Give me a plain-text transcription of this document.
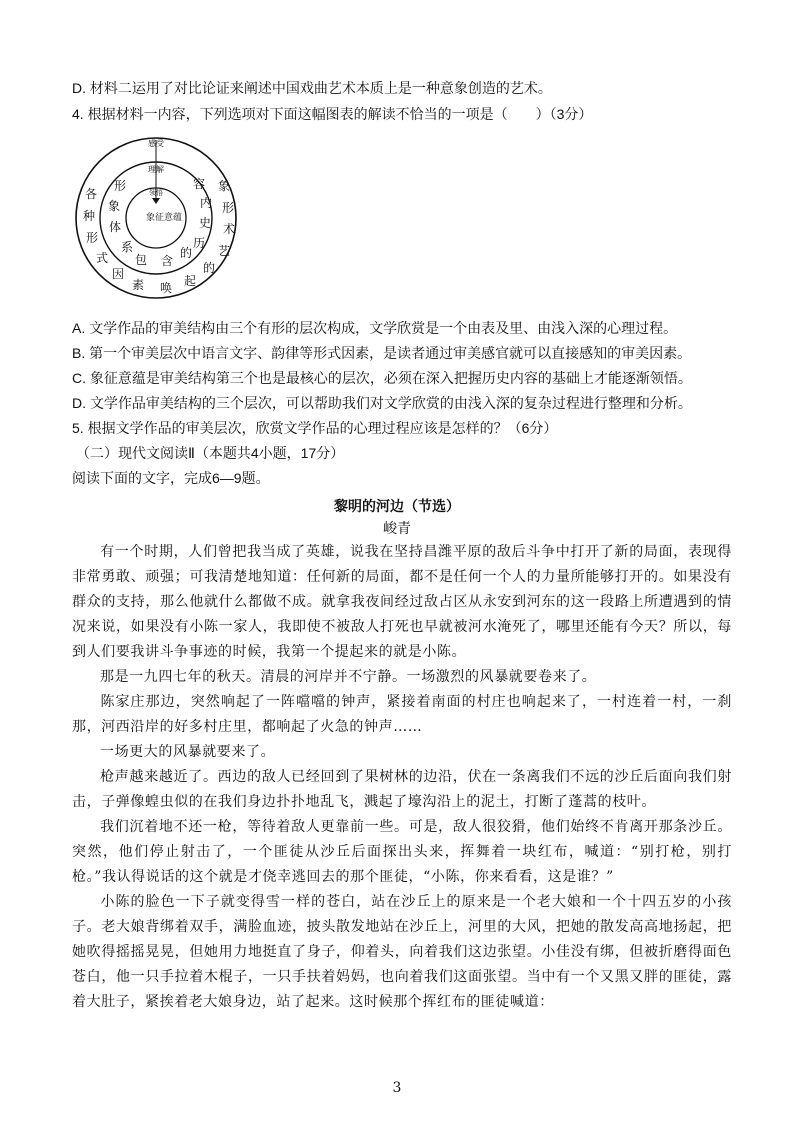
D. 材料二运用了对比论证来阐述中国戏曲艺术本质上是一种意象创造的艺术。
4. 根据材料一内容，下列选项对下面这幅图表的解读不恰当的一项是（　　）（3分）
感受
理解
领悟
象征意蕴
形
象
体
系
包 含
的
容
内
史
历
各
种
形
式
因
素 唤 起
的
象
形
术
艺
A. 文学作品的审美结构由三个有形的层次构成，文学欣赏是一个由表及里、由浅入深的心理过程。
B. 第一个审美层次中语言文字、韵律等形式因素，是读者通过审美感官就可以直接感知的审美因素。
C. 象征意蕴是审美结构第三个也是最核心的层次，必须在深入把握历史内容的基础上才能逐渐领悟。
D. 文学作品审美结构的三个层次，可以帮助我们对文学欣赏的由浅入深的复杂过程进行整理和分析。
5. 根据文学作品的审美层次，欣赏文学作品的心理过程应该是怎样的？（6分）
（二）现代文阅读Ⅱ（本题共4小题，17分）
阅读下面的文字，完成6—9题。
黎明的河边（节选）
峻青
有一个时期，人们曾把我当成了英雄，说我在坚持昌潍平原的敌后斗争中打开了新的局面，表现得非常勇敢、顽强；可我清楚地知道：任何新的局面，都不是任何一个人的力量所能够打开的。如果没有群众的支持，那么他就什么都做不成。就拿我夜间经过敌占区从永安到河东的这一段路上所遭遇到的情况来说，如果没有小陈一家人，我即使不被敌人打死也早就被河水淹死了，哪里还能有今天？所以，每到人们要我讲斗争事迹的时候，我第一个提起来的就是小陈。
那是一九四七年的秋天。清晨的河岸并不宁静。一场激烈的风暴就要卷来了。
陈家庄那边，突然响起了一阵噹噹的钟声，紧接着南面的村庄也响起来了，一村连着一村，一刹那，河西沿岸的好多村庄里，都响起了火急的钟声……
一场更大的风暴就要来了。
枪声越来越近了。西边的敌人已经回到了果树林的边沿，伏在一条离我们不远的沙丘后面向我们射击，子弹像蝗虫似的在我们身边扑扑地乱飞，溅起了壕沟沿上的泥土，打断了蓬蒿的枝叶。
我们沉着地不还一枪，等待着敌人更靠前一些。可是，敌人很狡猾，他们始终不肯离开那条沙丘。突然，他们停止射击了，一个匪徒从沙丘后面探出头来，挥舞着一块红布，喊道：“别打枪，别打枪。”我认得说话的这个就是才侥幸逃回去的那个匪徒，“小陈，你来看看，这是谁？”
小陈的脸色一下子就变得雪一样的苍白，站在沙丘上的原来是一个老大娘和一个十四五岁的小孩子。老大娘背绑着双手，满脸血迹，披头散发地站在沙丘上，河里的大风，把她的散发高高地扬起，把她吹得摇摇晃晃，但她用力地挺直了身子，仰着头，向着我们这边张望。小佳没有绑，但被折磨得面色苍白，他一只手拉着木棍子，一只手扶着妈妈，也向着我们这面张望。当中有一个又黑又胖的匪徒，露着大肚子，紧挨着老大娘身边，站了起来。这时候那个挥红布的匪徒喊道：
3
